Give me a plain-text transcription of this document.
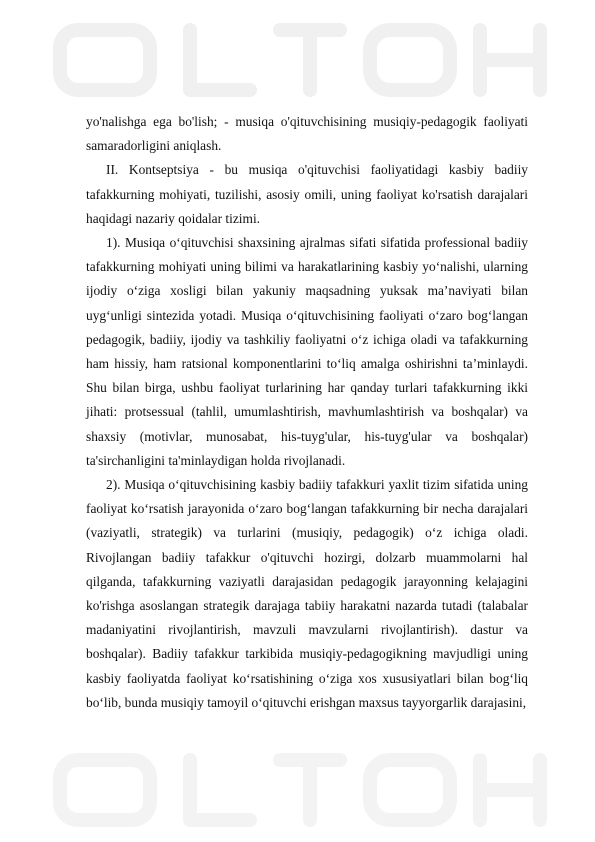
yo'nalishga ega bo'lish; - musiqa o'qituvchisining musiqiy-pedagogik faoliyati samaradorligini aniqlash.

II. Kontseptsiya - bu musiqa o'qituvchisi faoliyatidagi kasbiy badiiy tafakkurning mohiyati, tuzilishi, asosiy omili, uning faoliyat ko'rsatish darajalari haqidagi nazariy qoidalar tizimi.

1). Musiqa o‘qituvchisi shaxsining ajralmas sifati sifatida professional badiiy tafakkurning mohiyati uning bilimi va harakatlarining kasbiy yo‘nalishi, ularning ijodiy o‘ziga xosligi bilan yakuniy maqsadning yuksak ma’naviyati bilan uyg‘unligi sintezida yotadi. Musiqa o‘qituvchisining faoliyati o‘zaro bog‘langan pedagogik, badiiy, ijodiy va tashkiliy faoliyatni o‘z ichiga oladi va tafakkurning ham hissiy, ham ratsional komponentlarini to‘liq amalga oshirishni ta’minlaydi. Shu bilan birga, ushbu faoliyat turlarining har qanday turlari tafakkurning ikki jihati: protsessual (tahlil, umumlashtirish, mavhumlashtirish va boshqalar) va shaxsiy (motivlar, munosabat, his-tuyg'ular, his-tuyg'ular va boshqalar) ta'sirchanligini ta'minlaydigan holda rivojlanadi.

2). Musiqa o‘qituvchisining kasbiy badiiy tafakkuri yaxlit tizim sifatida uning faoliyat ko‘rsatish jarayonida o‘zaro bog‘langan tafakkurning bir necha darajalari (vaziyatli, strategik) va turlarini (musiqiy, pedagogik) o‘z ichiga oladi. Rivojlangan badiiy tafakkur o'qituvchi hozirgi, dolzarb muammolarni hal qilganda, tafakkurning vaziyatli darajasidan pedagogik jarayonning kelajagini ko'rishga asoslangan strategik darajaga tabiiy harakatni nazarda tutadi (talabalar madaniyatini rivojlantirish, mavzuli mavzularni rivojlantirish). dastur va boshqalar). Badiiy tafakkur tarkibida musiqiy-pedagogikning mavjudligi uning kasbiy faoliyatda faoliyat ko‘rsatishining o‘ziga xos xususiyatlari bilan bog‘liq bo‘lib, bunda musiqiy tamoyil o‘qituvchi erishgan maxsus tayyorgarlik darajasini,
